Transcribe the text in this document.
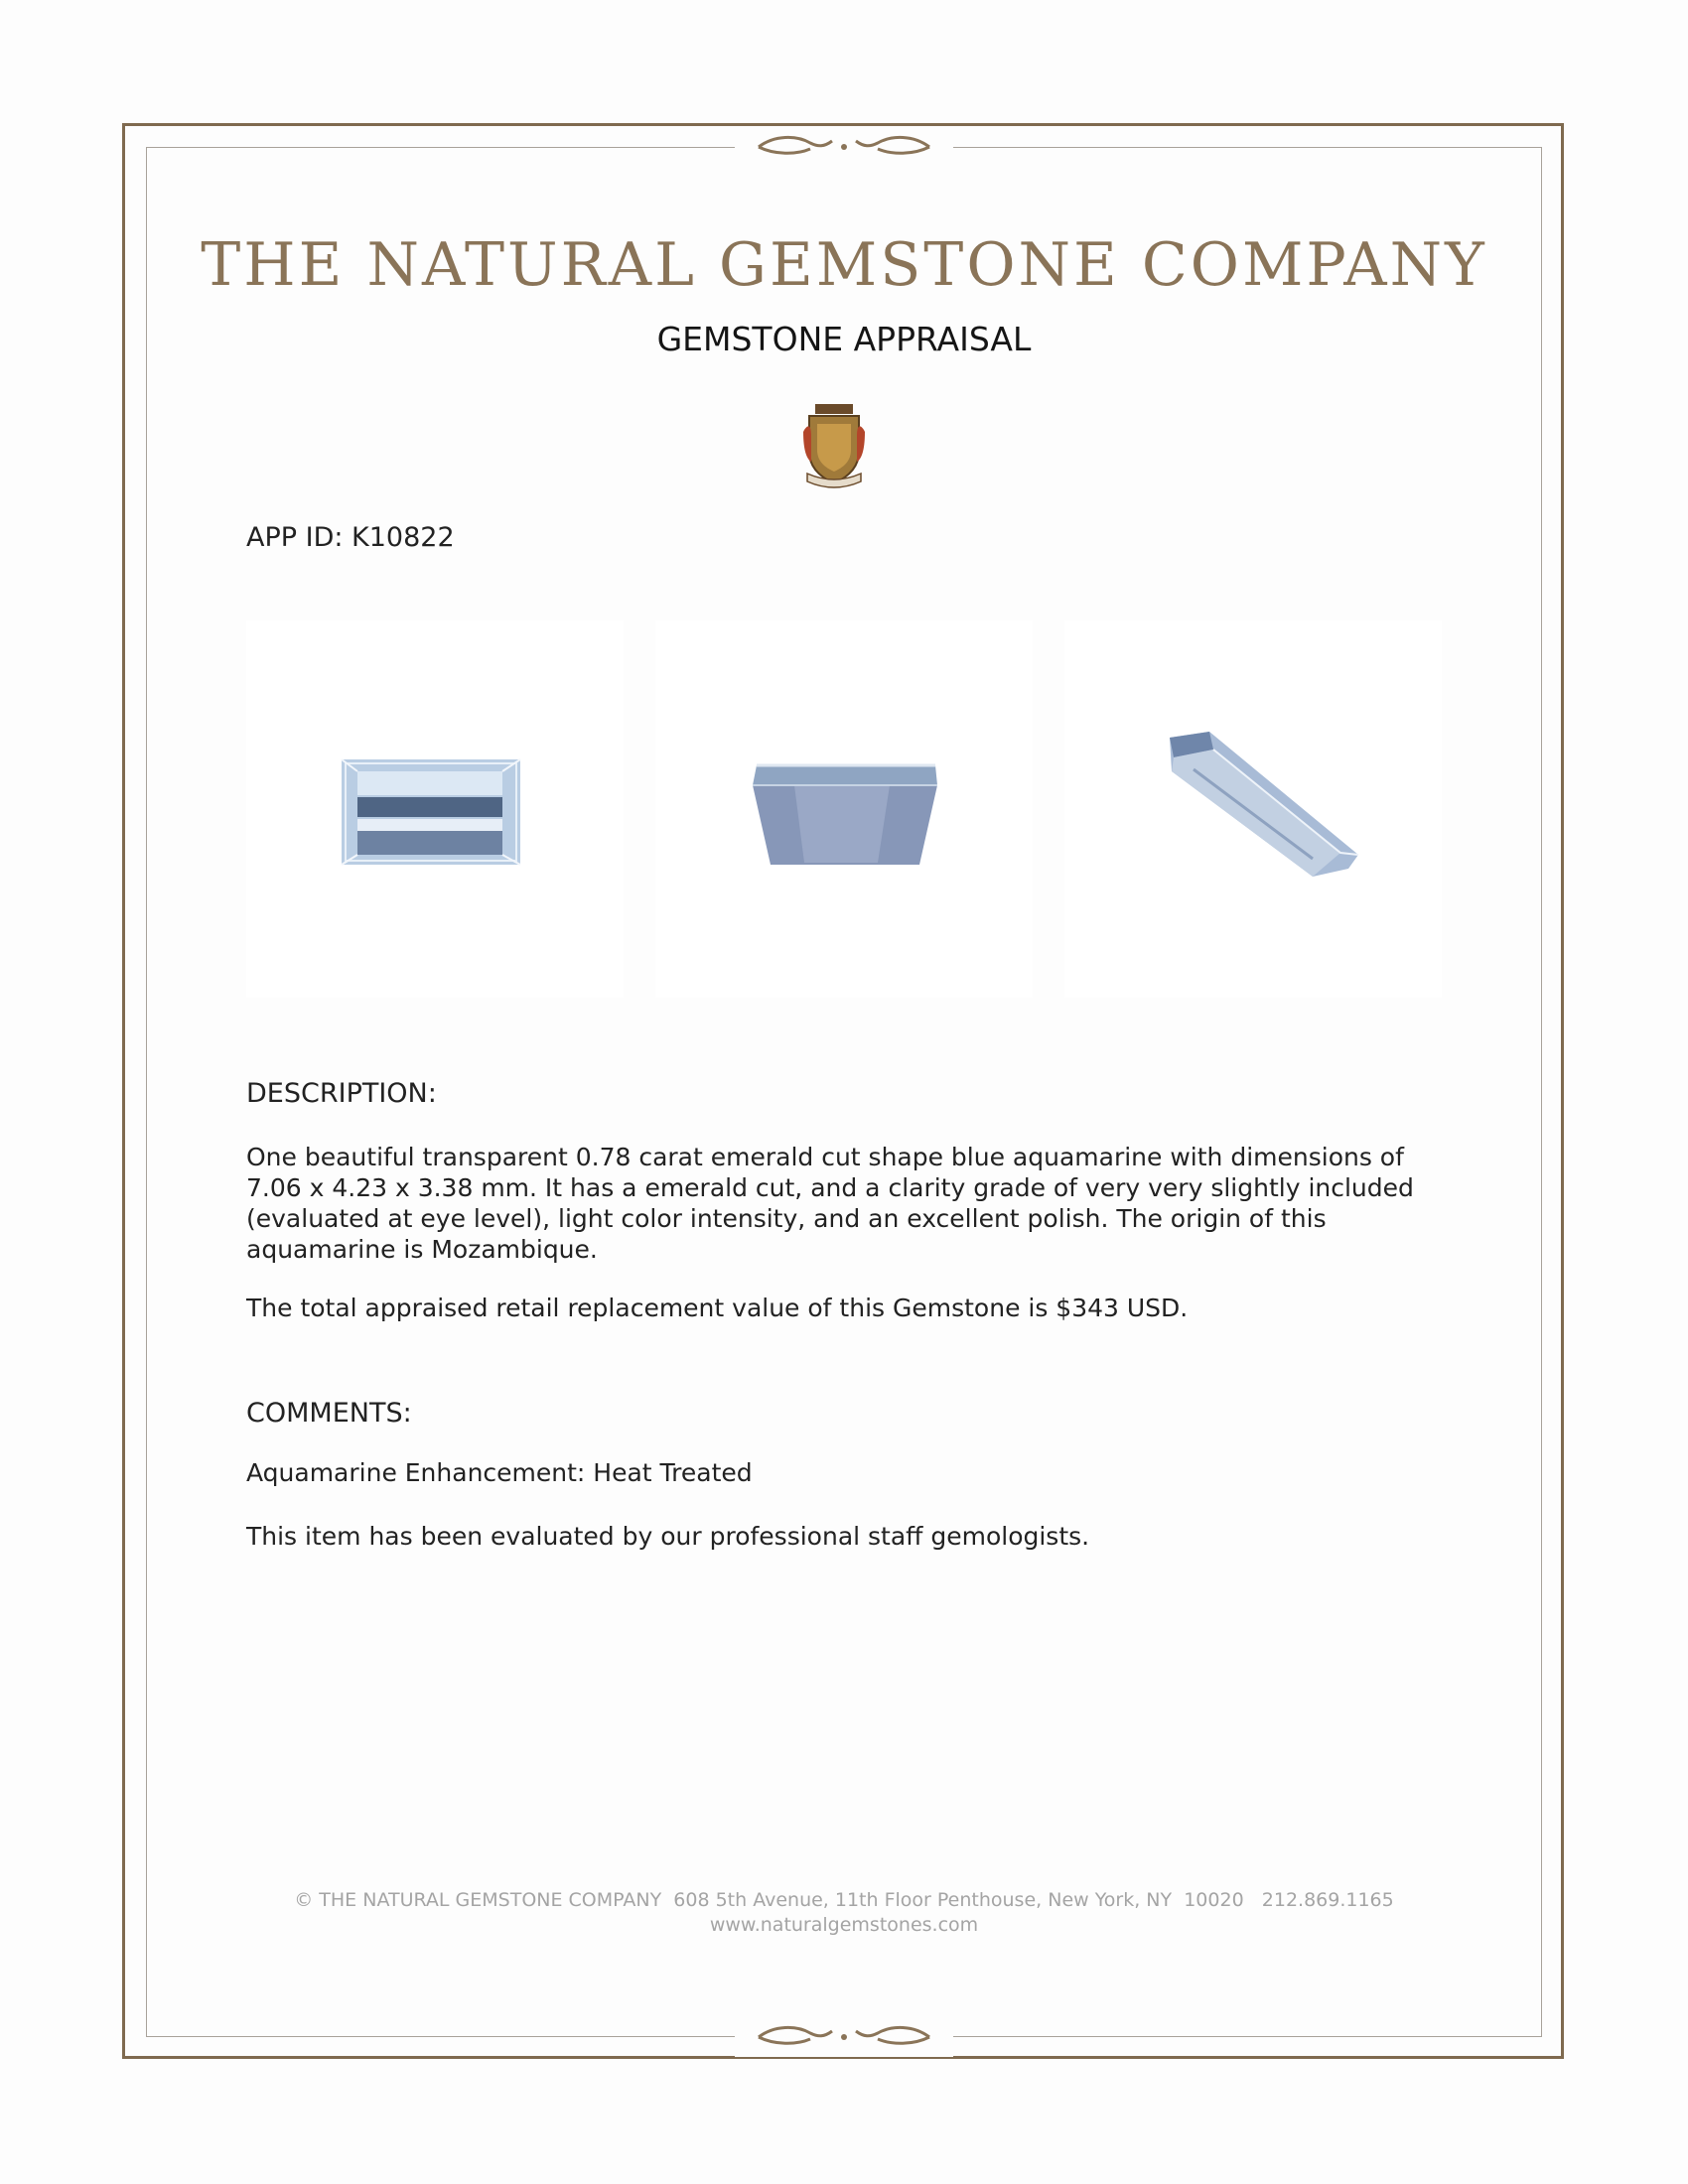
THE NATURAL GEMSTONE COMPANY
GEMSTONE APPRAISAL
APP ID: K10822
DESCRIPTION:
One beautiful transparent 0.78 carat emerald cut shape blue aquamarine with dimensions of 7.06 x 4.23 x 3.38 mm. It has a emerald cut, and a clarity grade of very very slightly included (evaluated at eye level), light color intensity, and an excellent polish. The origin of this aquamarine is Mozambique.
The total appraised retail replacement value of this Gemstone is $343 USD.
COMMENTS:
Aquamarine Enhancement: Heat Treated
This item has been evaluated by our professional staff gemologists.
© THE NATURAL GEMSTONE COMPANY  608 5th Avenue, 11th Floor Penthouse, New York, NY  10020   212.869.1165
www.naturalgemstones.com
